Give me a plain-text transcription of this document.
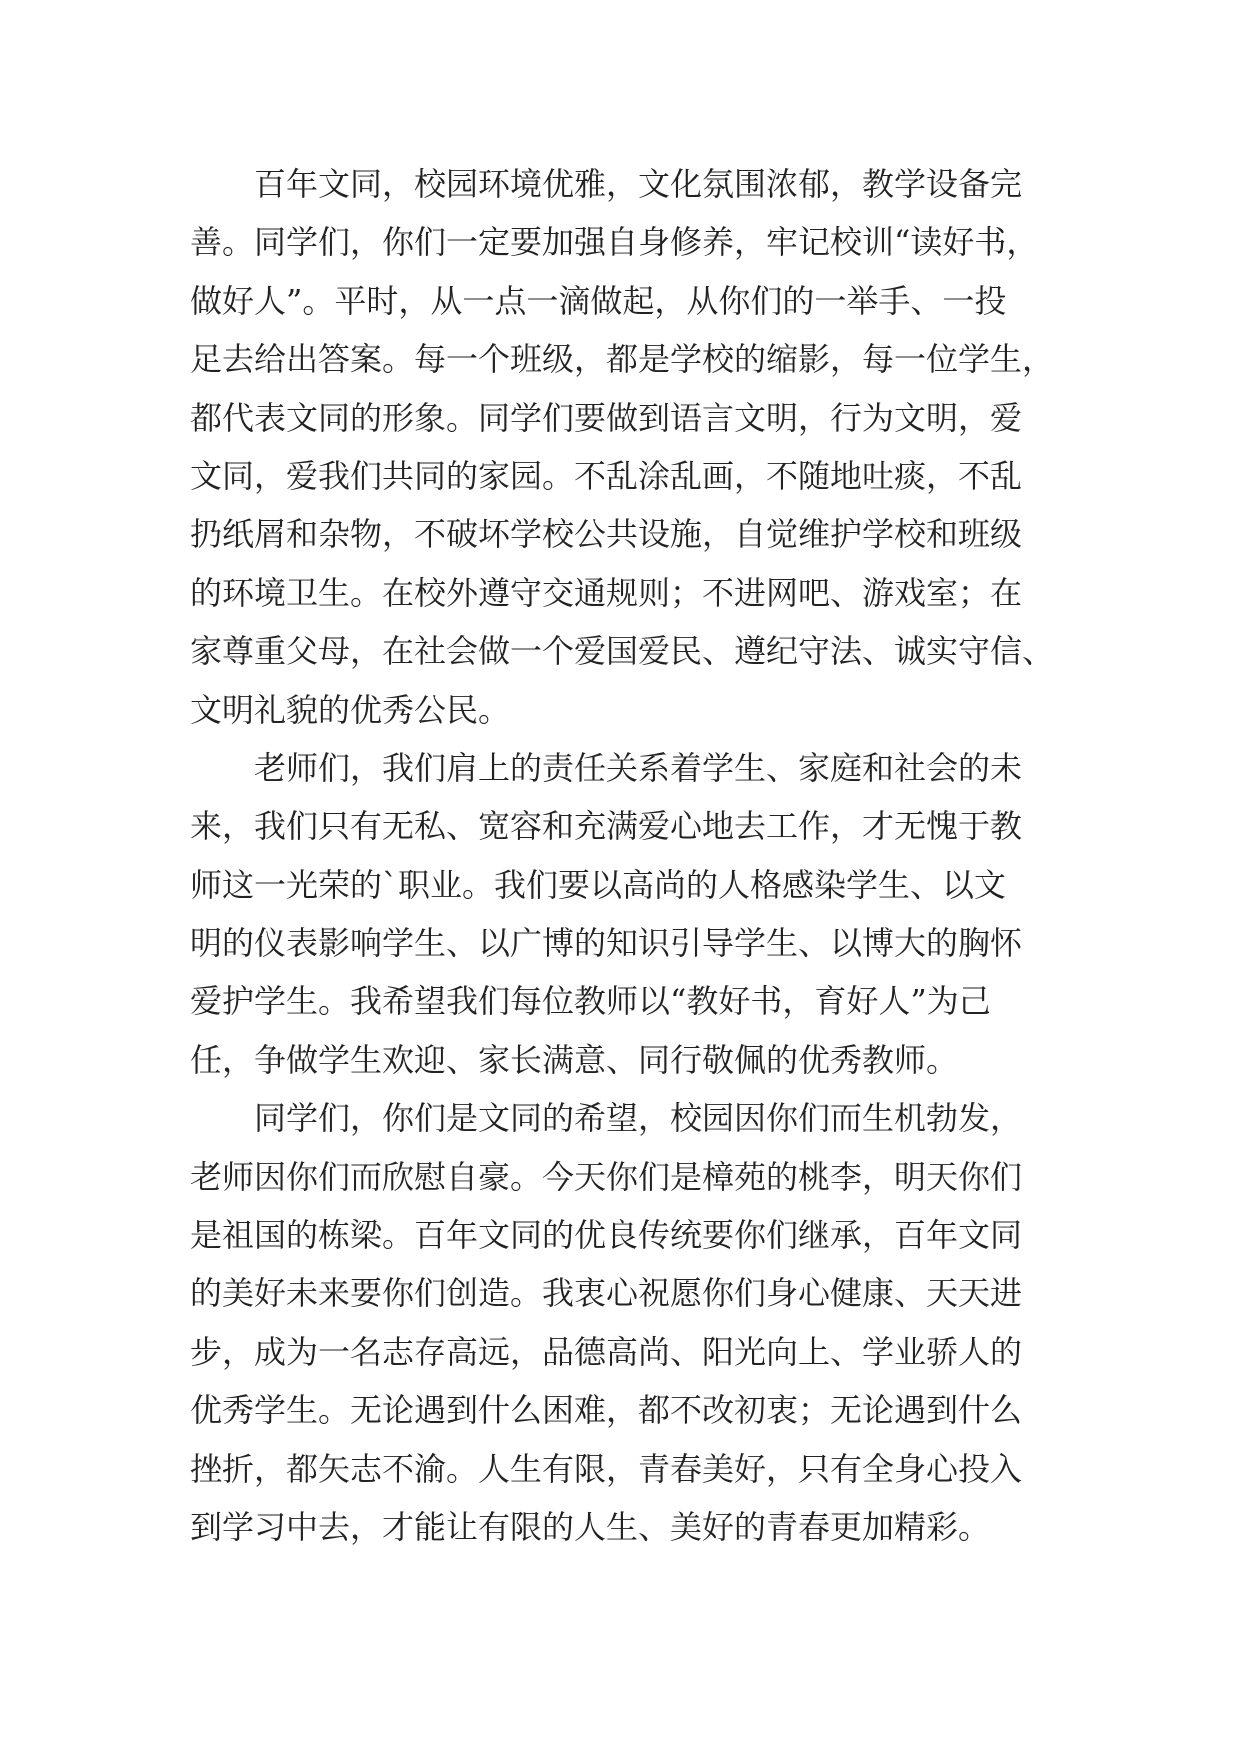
百年文同，校园环境优雅，文化氛围浓郁，教学设备完
善。同学们，你们一定要加强自身修养，牢记校训“读好书，
做好人”。平时，从一点一滴做起，从你们的一举手、一投
足去给出答案。每一个班级，都是学校的缩影，每一位学生，
都代表文同的形象。同学们要做到语言文明，行为文明，爱
文同，爱我们共同的家园。不乱涂乱画，不随地吐痰，不乱
扔纸屑和杂物，不破坏学校公共设施，自觉维护学校和班级
的环境卫生。在校外遵守交通规则；不进网吧、游戏室；在
家尊重父母，在社会做一个爱国爱民、遵纪守法、诚实守信、
文明礼貌的优秀公民。
老师们，我们肩上的责任关系着学生、家庭和社会的未
来，我们只有无私、宽容和充满爱心地去工作，才无愧于教
师这一光荣的`职业。我们要以高尚的人格感染学生、以文
明的仪表影响学生、以广博的知识引导学生、以博大的胸怀
爱护学生。我希望我们每位教师以“教好书，育好人”为己
任，争做学生欢迎、家长满意、同行敬佩的优秀教师。
同学们，你们是文同的希望，校园因你们而生机勃发，
老师因你们而欣慰自豪。今天你们是樟苑的桃李，明天你们
是祖国的栋梁。百年文同的优良传统要你们继承，百年文同
的美好未来要你们创造。我衷心祝愿你们身心健康、天天进
步，成为一名志存高远，品德高尚、阳光向上、学业骄人的
优秀学生。无论遇到什么困难，都不改初衷；无论遇到什么
挫折，都矢志不渝。人生有限，青春美好，只有全身心投入
到学习中去，才能让有限的人生、美好的青春更加精彩。
